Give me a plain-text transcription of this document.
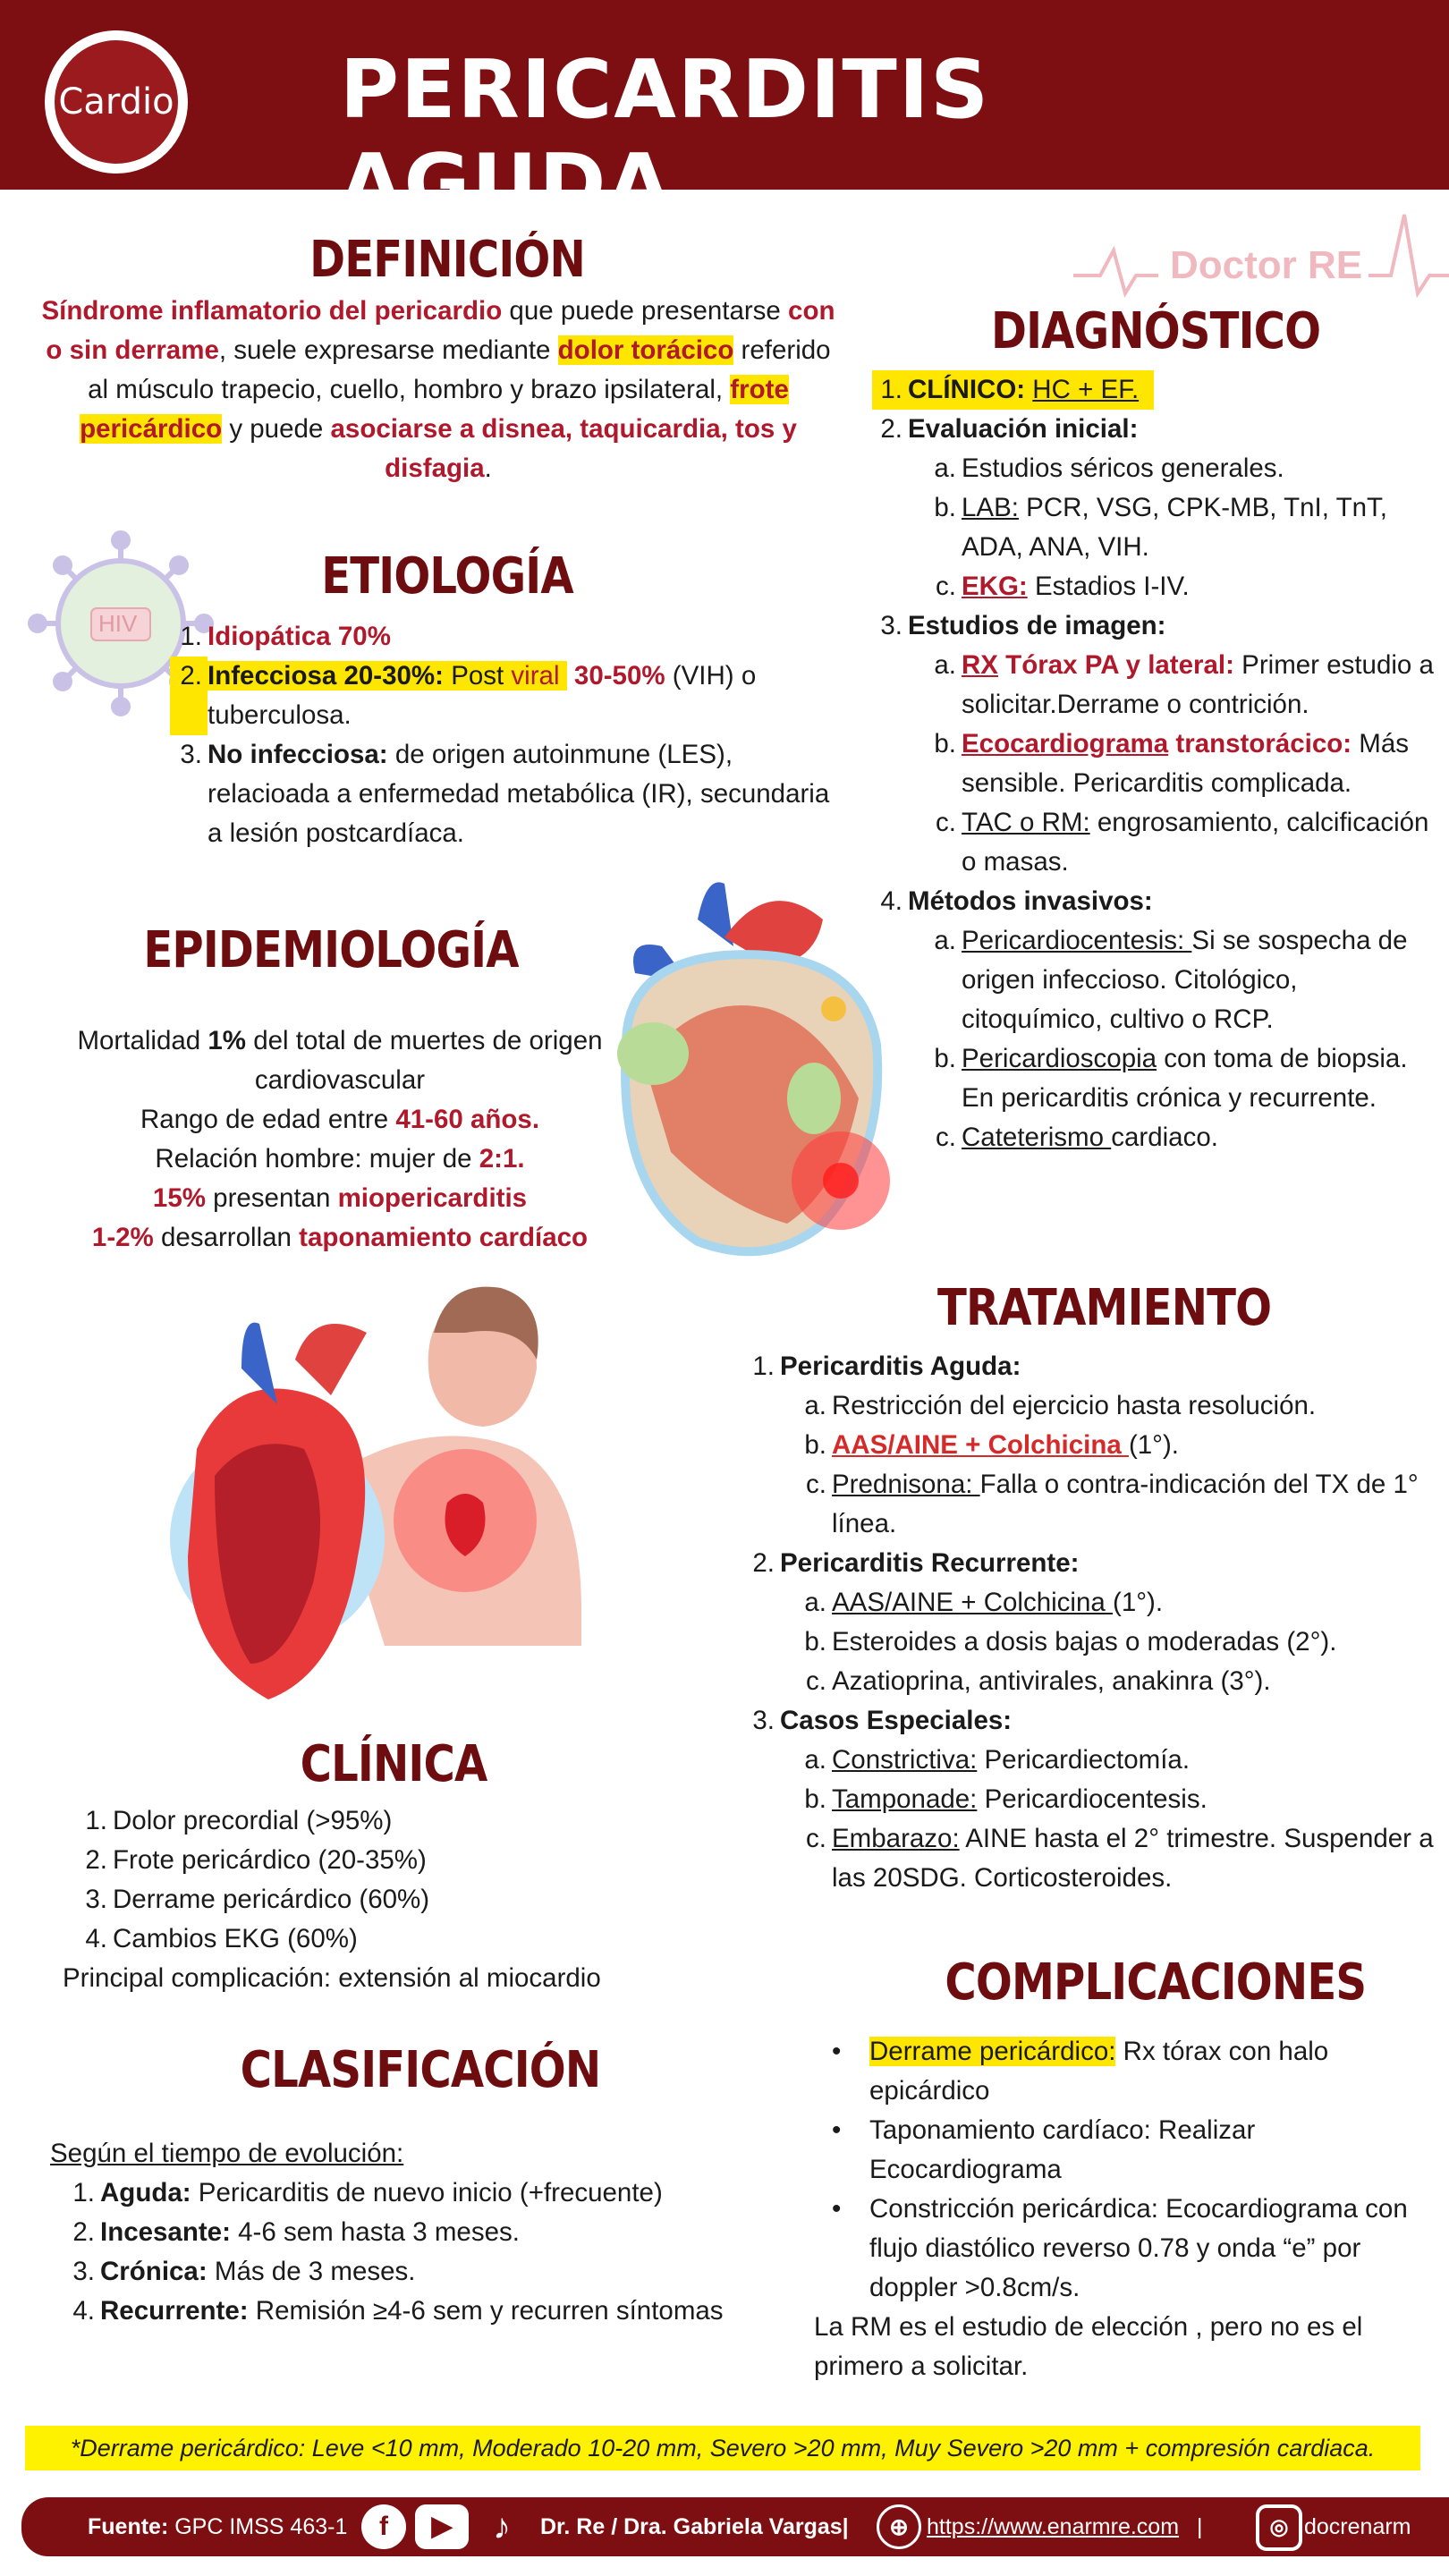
Cardio PERICARDITIS AGUDA
Doctor RE
DEFINICIÓN
Síndrome inflamatorio del pericardio que puede presentarse con o sin derrame, suele expresarse mediante dolor torácico referido al músculo trapecio, cuello, hombro y brazo ipsilateral, frote pericárdico y puede asociarse a disnea, taquicardia, tos y disfagia.
HIV
ETIOLOGÍA
1. Idiopática 70%
2. Infecciosa 20-30%: Post viral 30-50% (VIH) o tuberculosa.
3. No infecciosa: de origen autoinmune (LES), relacioada a enfermedad metabólica (IR), secundaria a lesión postcardíaca.
EPIDEMIOLOGÍA
Mortalidad 1% del total de muertes de origen cardiovascular
Rango de edad entre 41-60 años.
Relación hombre: mujer de 2:1.
15% presentan miopericarditis
1-2% desarrollan taponamiento cardíaco
CLÍNICA
1. Dolor precordial (>95%)
2. Frote pericárdico (20-35%)
3. Derrame pericárdico (60%)
4. Cambios EKG (60%)
Principal complicación: extensión al miocardio
CLASIFICACIÓN
Según el tiempo de evolución:
1. Aguda: Pericarditis de nuevo inicio (+frecuente)
2. Incesante: 4-6 sem hasta 3 meses.
3. Crónica: Más de 3 meses.
4. Recurrente: Remisión ≥4-6 sem y recurren síntomas
DIAGNÓSTICO
1. CLÍNICO: HC + EF.
2. Evaluación inicial:
a. Estudios séricos generales.
b. LAB: PCR, VSG, CPK-MB, TnI, TnT, ADA, ANA, VIH.
c. EKG: Estadios I-IV.
3. Estudios de imagen:
a. RX Tórax PA y lateral: Primer estudio a solicitar.Derrame o contrición.
b. Ecocardiograma transtorácico: Más sensible. Pericarditis complicada.
c. TAC o RM: engrosamiento, calcificación o masas.
4. Métodos invasivos:
a. Pericardiocentesis: Si se sospecha de origen infeccioso. Citológico, citoquímico, cultivo o RCP.
b. Pericardioscopia con toma de biopsia. En pericarditis crónica y recurrente.
c. Cateterismo cardiaco.
TRATAMIENTO
1. Pericarditis Aguda:
a. Restricción del ejercicio hasta resolución.
b. AAS/AINE + Colchicina (1°).
c. Prednisona: Falla o contra-indicación del TX de 1° línea.
2. Pericarditis Recurrente:
a. AAS/AINE + Colchicina (1°).
b. Esteroides a dosis bajas o moderadas (2°).
c. Azatioprina, antivirales, anakinra (3°).
3. Casos Especiales:
a. Constrictiva: Pericardiectomía.
b. Tamponade: Pericardiocentesis.
c. Embarazo: AINE hasta el 2° trimestre. Suspender a las 20SDG. Corticosteroides.
COMPLICACIONES
•	Derrame pericárdico: Rx tórax con halo epicárdico
•	Taponamiento cardíaco: Realizar Ecocardiograma
•	Constricción pericárdica: Ecocardiograma con flujo diastólico reverso 0.78 y onda “e” por doppler >0.8cm/s.
La RM es el estudio de elección , pero no es el primero a solicitar.
*Derrame pericárdico: Leve <10 mm, Moderado 10-20 mm, Severo >20 mm, Muy Severo >20 mm + compresión cardiaca.
Fuente: GPC IMSS 463-1	f	▶	♪	Dr. Re / Dra. Gabriela Vargas|	⊕ https://www.enarmre.com |	◎ docrenarm
